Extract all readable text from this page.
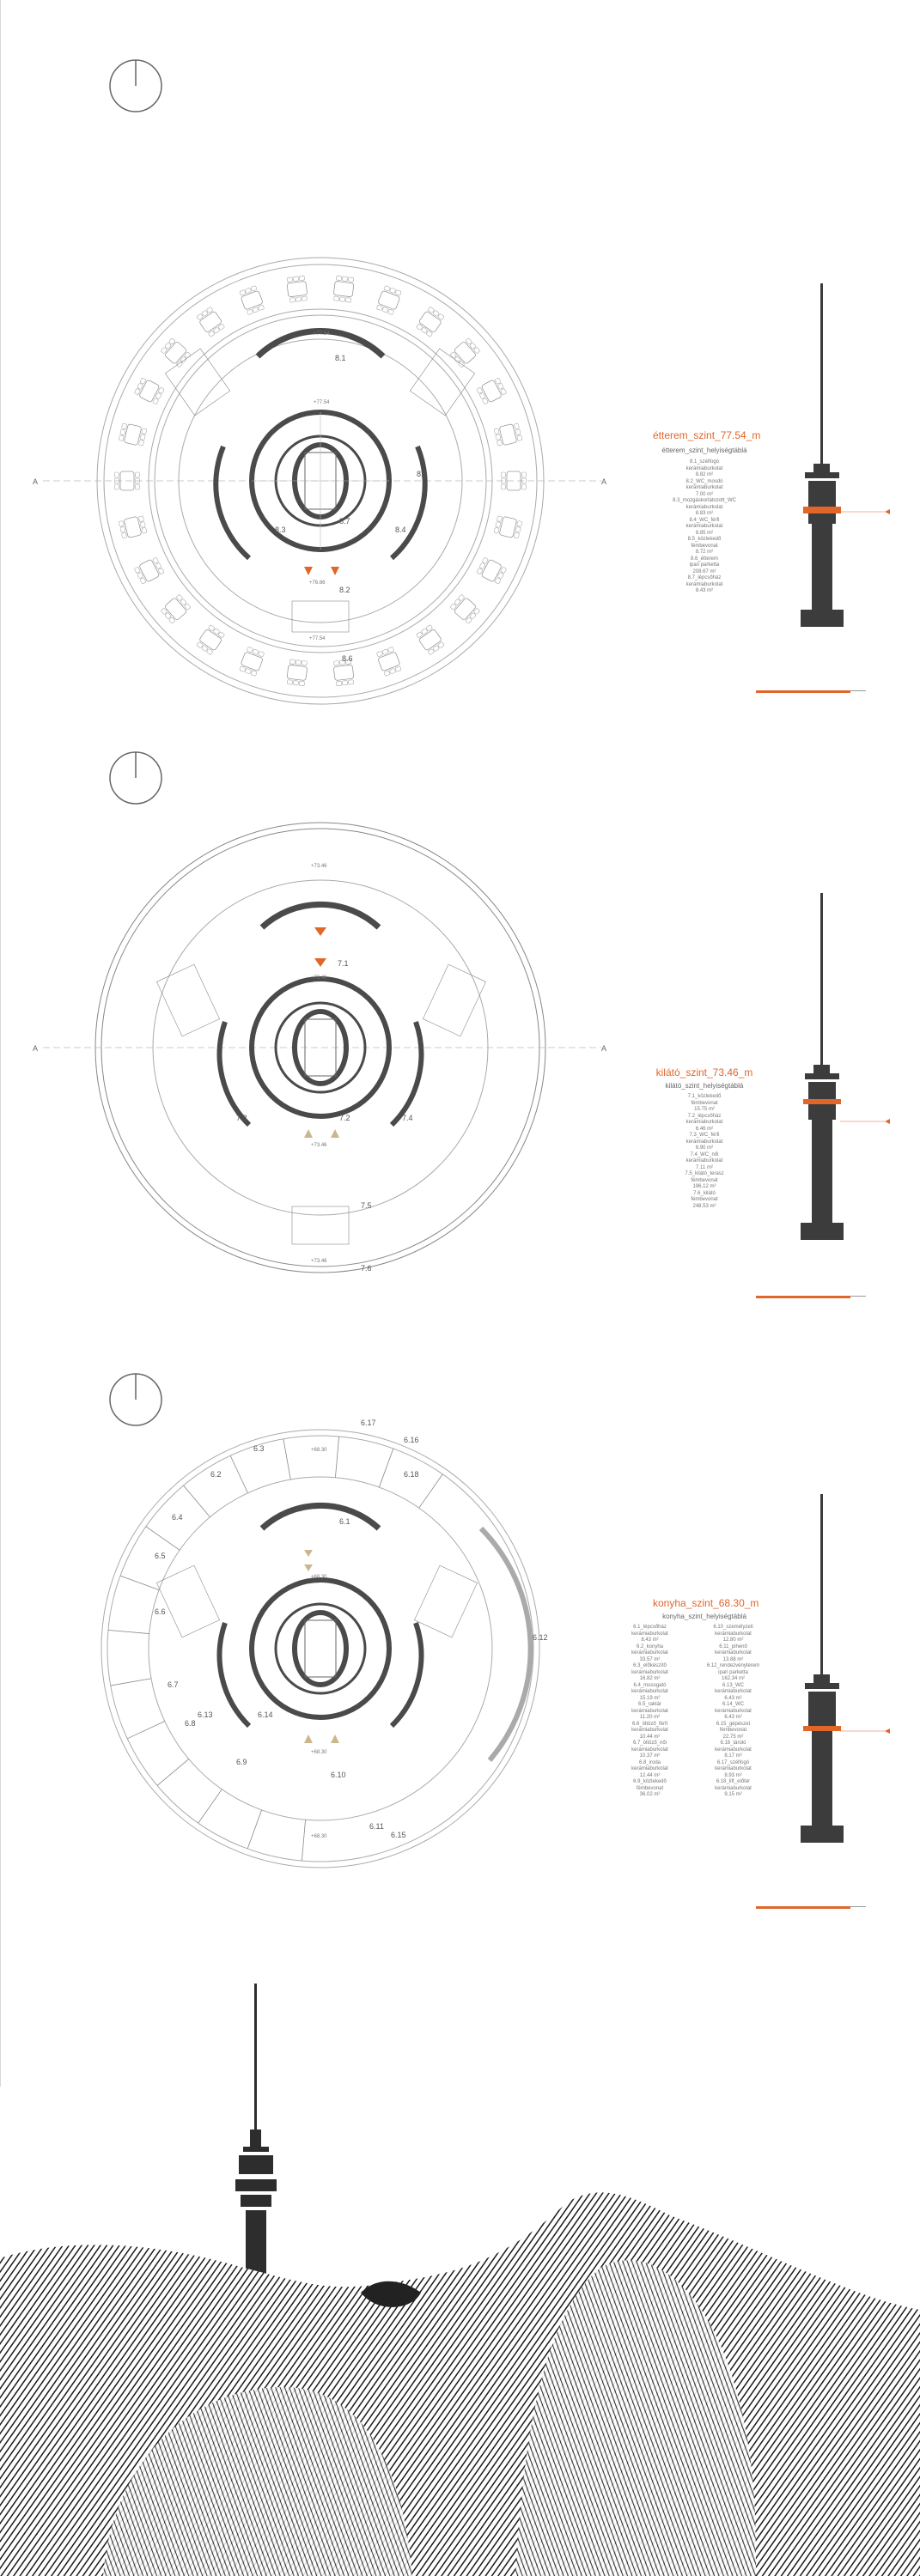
A	A
8.1
8.2
8.3	8.4
8.5
8.6
8.7
+77.54
+77.54
+76.66
+77.54
étterem_szint_77.54_m
étterem_szint_helyiségtáblá
8.1_szélfogó
kerámiaburkolat
8.82 m²
8.2_WC_mosdó
kerámiaburkolat
7.00 m²
8.3_mozgáskorlátozott_WC
kerámiaburkolat
8.83 m²
8.4_WC_férfi
kerámiaburkolat
8.85 m²
8.5_közlekedő
fémbevonat
8.72 m²
8.6_étterem
ipari parketta
208.67 m²
8.7_lépcsőház
kerámiaburkolat
8.43 m²
A	A
7.1
7.2
7.3	7.4
7.5
7.6
+73.46
+73.46
+73.46
+73.46
kilátó_szint_73.46_m
kilátó_szint_helyiségtáblá
7.1_közlekedő
fémbevonat
15.75 m²
7.2_lépcsőház
kerámiaburkolat
6.46 m²
7.3_WC_férfi
kerámiaburkolat
6.90 m²
7.4_WC_női
kerámiaburkolat
7.11 m²
7.5_kilátó_terasz
fémbevonat
196.12 m²
7.6_kilátó
fémbevonat
248.53 m²
6.1
6.2
6.3
6.4
6.5
6.6
6.7
6.8
6.9
6.10
6.11
6.12
6.13	6.14
6.15
6.16
6.17
6.18
+68.30
+68.30
+68.30
+68.30
konyha_szint_68.30_m
konyha_szint_helyiségtáblá
6.1_lépcsőház
kerámiaburkolat
8.43 m²
6.2_konyha
kerámiaburkolat
33.57 m²
6.3_előkészítő
kerámiaburkolat
16.82 m²
6.4_mosogató
kerámiaburkolat
15.19 m²
6.5_raktár
kerámiaburkolat
11.20 m²
6.6_öltöző_férfi
kerámiaburkolat
10.44 m²
6.7_öltöző_női
kerámiaburkolat
10.37 m²
6.8_iroda
kerámiaburkolat
12.44 m²
6.9_közlekedő
fémbevonat
36.02 m²
6.10_személyzeti
kerámiaburkolat
12.80 m²
6.11_pihenő
kerámiaburkolat
13.88 m²
6.12_rendezvényterem
ipari parketta
162.34 m²
6.13_WC
kerámiaburkolat
6.43 m²
6.14_WC
kerámiaburkolat
6.43 m²
6.15_gépészet
fémbevonat
22.75 m²
6.16_tároló
kerámiaburkolat
8.17 m²
6.17_szélfogó
kerámiaburkolat
8.93 m²
6.18_lift_előtér
kerámiaburkolat
9.15 m²
